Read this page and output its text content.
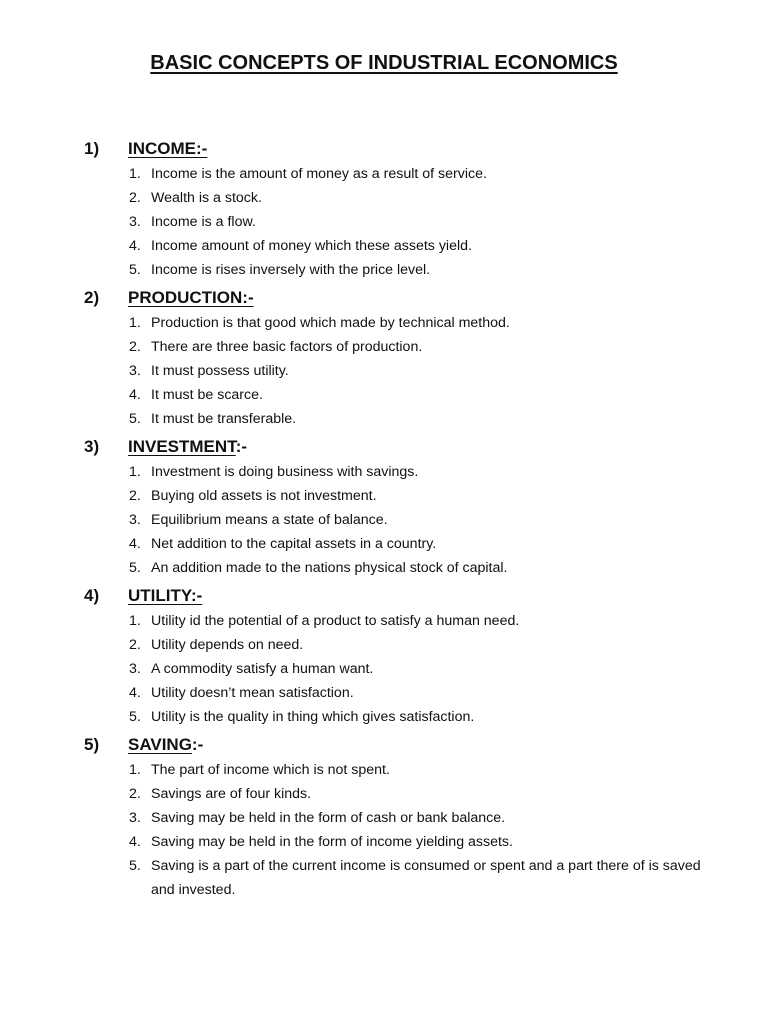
BASIC CONCEPTS OF INDUSTRIAL ECONOMICS
1) INCOME:-
1. Income is the amount of money as a result of service.
2. Wealth is a stock.
3. Income is a flow.
4. Income amount of money which these assets yield.
5. Income is rises inversely with the price level.
2) PRODUCTION:-
1. Production is that good which made by technical method.
2. There are three basic factors of production.
3. It must possess utility.
4. It must be scarce.
5. It must be transferable.
3) INVESTMENT:-
1. Investment is doing business with savings.
2. Buying old assets is not investment.
3. Equilibrium means a state of balance.
4. Net addition to the capital assets in a country.
5. An addition made to the nations physical stock of capital.
4) UTILITY:-
1. Utility id the potential of a product to satisfy a human need.
2. Utility depends on need.
3. A commodity satisfy a human want.
4. Utility doesn’t mean satisfaction.
5. Utility is the quality in thing which gives satisfaction.
5) SAVING:-
1. The part of income which is not spent.
2. Savings are of four kinds.
3. Saving may be held in the form of cash or bank balance.
4. Saving may be held in the form of income yielding assets.
5. Saving is a part of the current income is consumed or spent and a part there of is saved and invested.
